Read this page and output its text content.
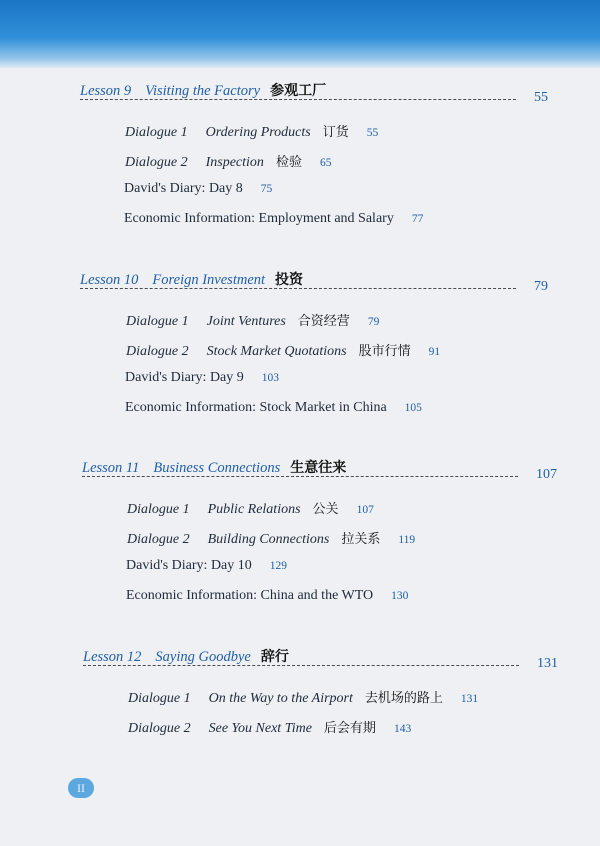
Lesson 9 Visiting the Factory 参观工厂	55
Dialogue 1 Ordering Products 订货 55
Dialogue 2 Inspection 检验 65
David's Diary: Day 8 75
Economic Information: Employment and Salary 77
Lesson 10 Foreign Investment 投资	79
Dialogue 1 Joint Ventures 合资经营 79
Dialogue 2 Stock Market Quotations 股市行情 91
David's Diary: Day 9 103
Economic Information: Stock Market in China 105
Lesson 11 Business Connections 生意往来	107
Dialogue 1 Public Relations 公关 107
Dialogue 2 Building Connections 拉关系 119
David's Diary: Day 10 129
Economic Information: China and the WTO 130
Lesson 12 Saying Goodbye 辞行	131
Dialogue 1 On the Way to the Airport 去机场的路上 131
Dialogue 2 See You Next Time 后会有期 143
II
